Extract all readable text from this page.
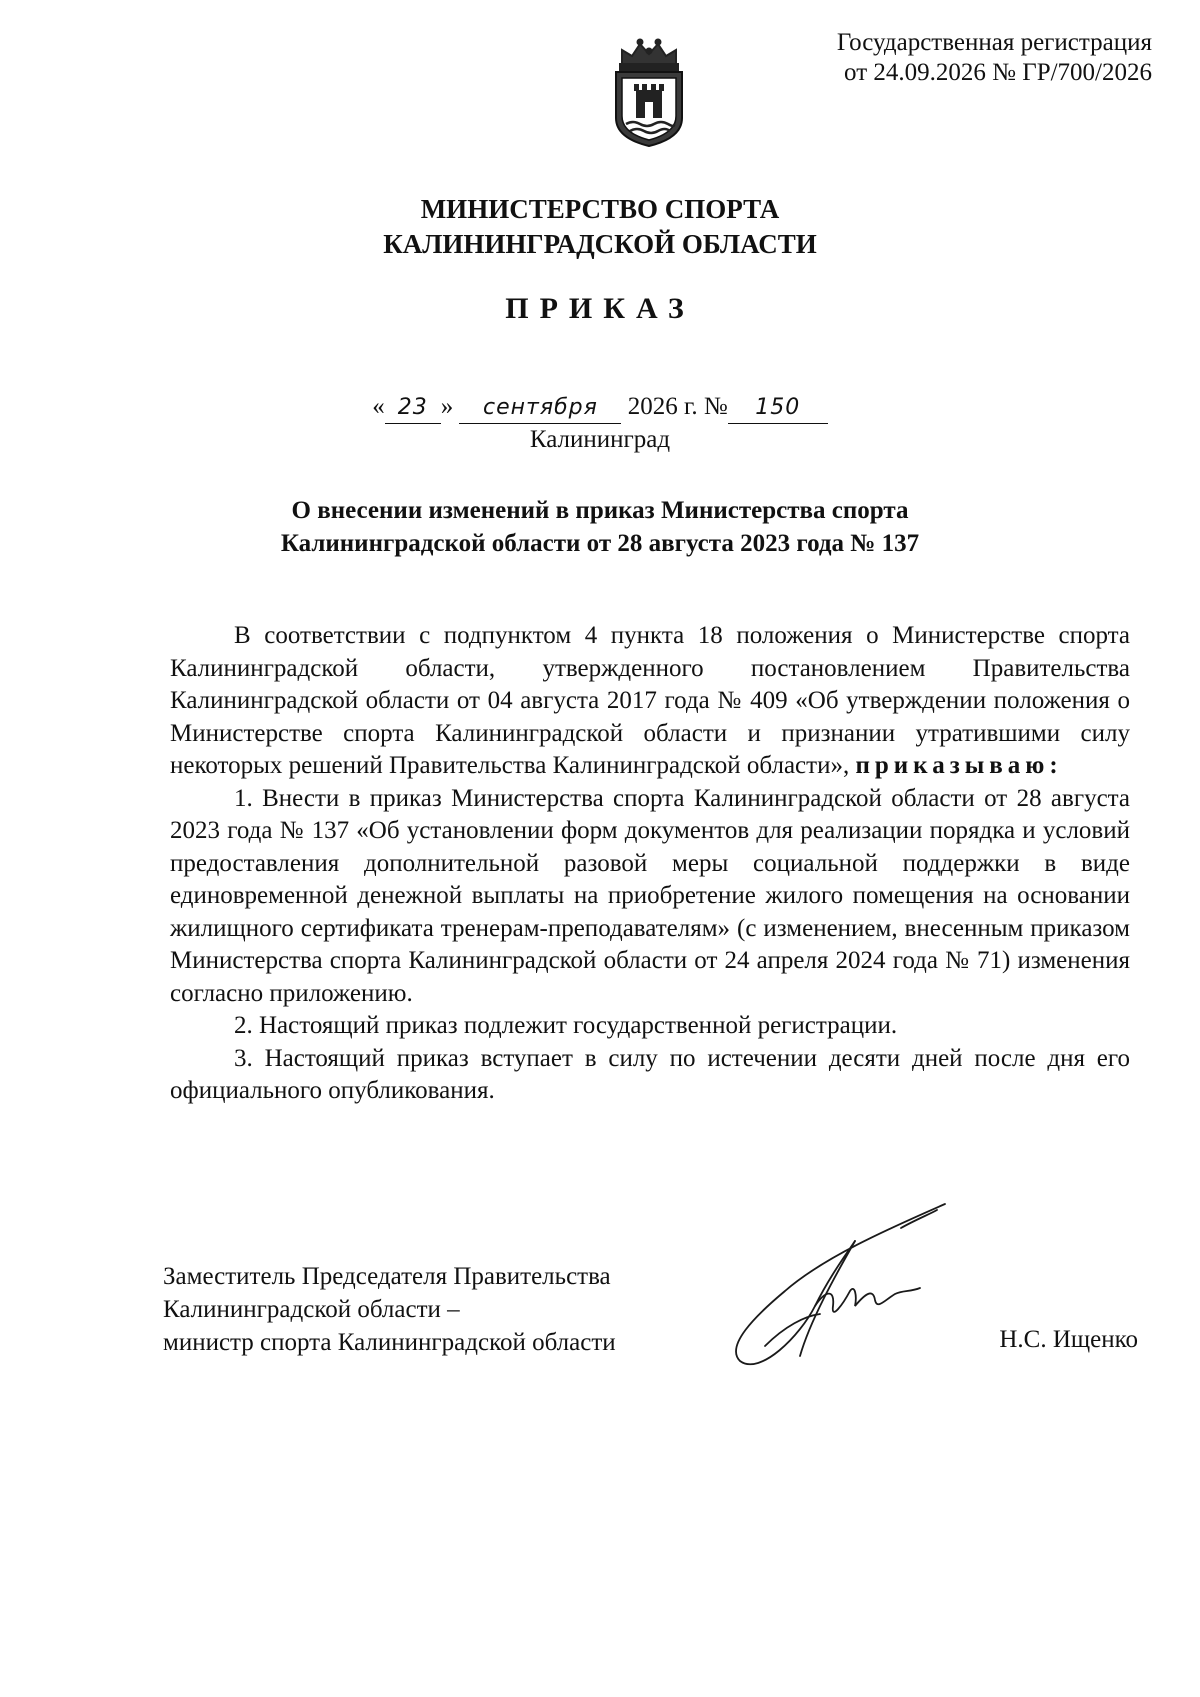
Государственная регистрация
от 24.09.2026 № ГР/700/2026
МИНИСТЕРСТВО СПОРТА
КАЛИНИНГРАДСКОЙ ОБЛАСТИ
ПРИКАЗ
« 23 » сентября 2026 г. № 150
Калининград
О внесении изменений в приказ Министерства спорта
Калининградской области от 28 августа 2023 года № 137

В соответствии с подпунктом 4 пункта 18 положения о Министерстве спорта Калининградской области, утвержденного постановлением Правительства Калининградской области от 04 августа 2017 года № 409 «Об утверждении положения о Министерстве спорта Калининградской области и признании утратившими силу некоторых решений Правительства Калининградской области», приказываю:

1. Внести в приказ Министерства спорта Калининградской области от 28 августа 2023 года № 137 «Об установлении форм документов для реализации порядка и условий предоставления дополнительной разовой меры социальной поддержки в виде единовременной денежной выплаты на приобретение жилого помещения на основании жилищного сертификата тренерам-преподавателям» (с изменением, внесенным приказом Министерства спорта Калининградской области от 24 апреля 2024 года № 71) изменения согласно приложению.

2. Настоящий приказ подлежит государственной регистрации.

3. Настоящий приказ вступает в силу по истечении десяти дней после дня его официального опубликования.

Заместитель Председателя Правительства
Калининградской области –
министр спорта Калининградской области	Н.С. Ищенко
